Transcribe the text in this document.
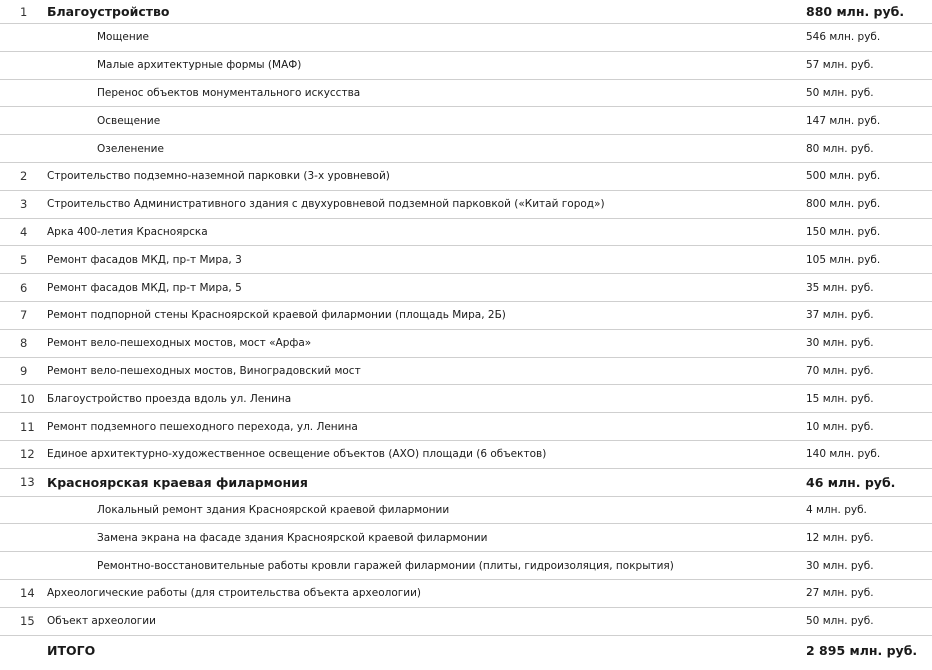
1	Благоустройство	880 млн. руб.
Мощение	546 млн. руб.
Малые архитектурные формы (МАФ)	57 млн. руб.
Перенос объектов монументального искусства	50 млн. руб.
Освещение	147 млн. руб.
Озеленение	80 млн. руб.
2	Строительство подземно-наземной парковки (3-х уровневой)	500 млн. руб.
3	Строительство Административного здания с двухуровневой подземной парковкой («Китай город»)	800 млн. руб.
4	Арка 400-летия Красноярска	150 млн. руб.
5	Ремонт фасадов МКД, пр-т Мира, 3	105 млн. руб.
6	Ремонт фасадов МКД, пр-т Мира, 5	35 млн. руб.
7	Ремонт подпорной стены Красноярской краевой филармонии (площадь Мира, 2Б)	37 млн. руб.
8	Ремонт вело-пешеходных мостов, мост «Арфа»	30 млн. руб.
9	Ремонт вело-пешеходных мостов, Виноградовский мост	70 млн. руб.
10	Благоустройство проезда вдоль ул. Ленина	15 млн. руб.
11	Ремонт подземного пешеходного перехода, ул. Ленина	10 млн. руб.
12	Единое архитектурно-художественное освещение объектов (АХО) площади (6 объектов)	140 млн. руб.
13 Красноярская краевая филармония	46 млн. руб.
Локальный ремонт здания Красноярской краевой филармонии	4 млн. руб.
Замена экрана на фасаде здания Красноярской краевой филармонии	12 млн. руб.
Ремонтно-восстановительные работы кровли гаражей филармонии (плиты, гидроизоляция, покрытия)	30 млн. руб.
14	Археологические работы (для строительства объекта археологии)	27 млн. руб.
15	Объект археологии	50 млн. руб.
ИТОГО	2 895 млн. руб.
